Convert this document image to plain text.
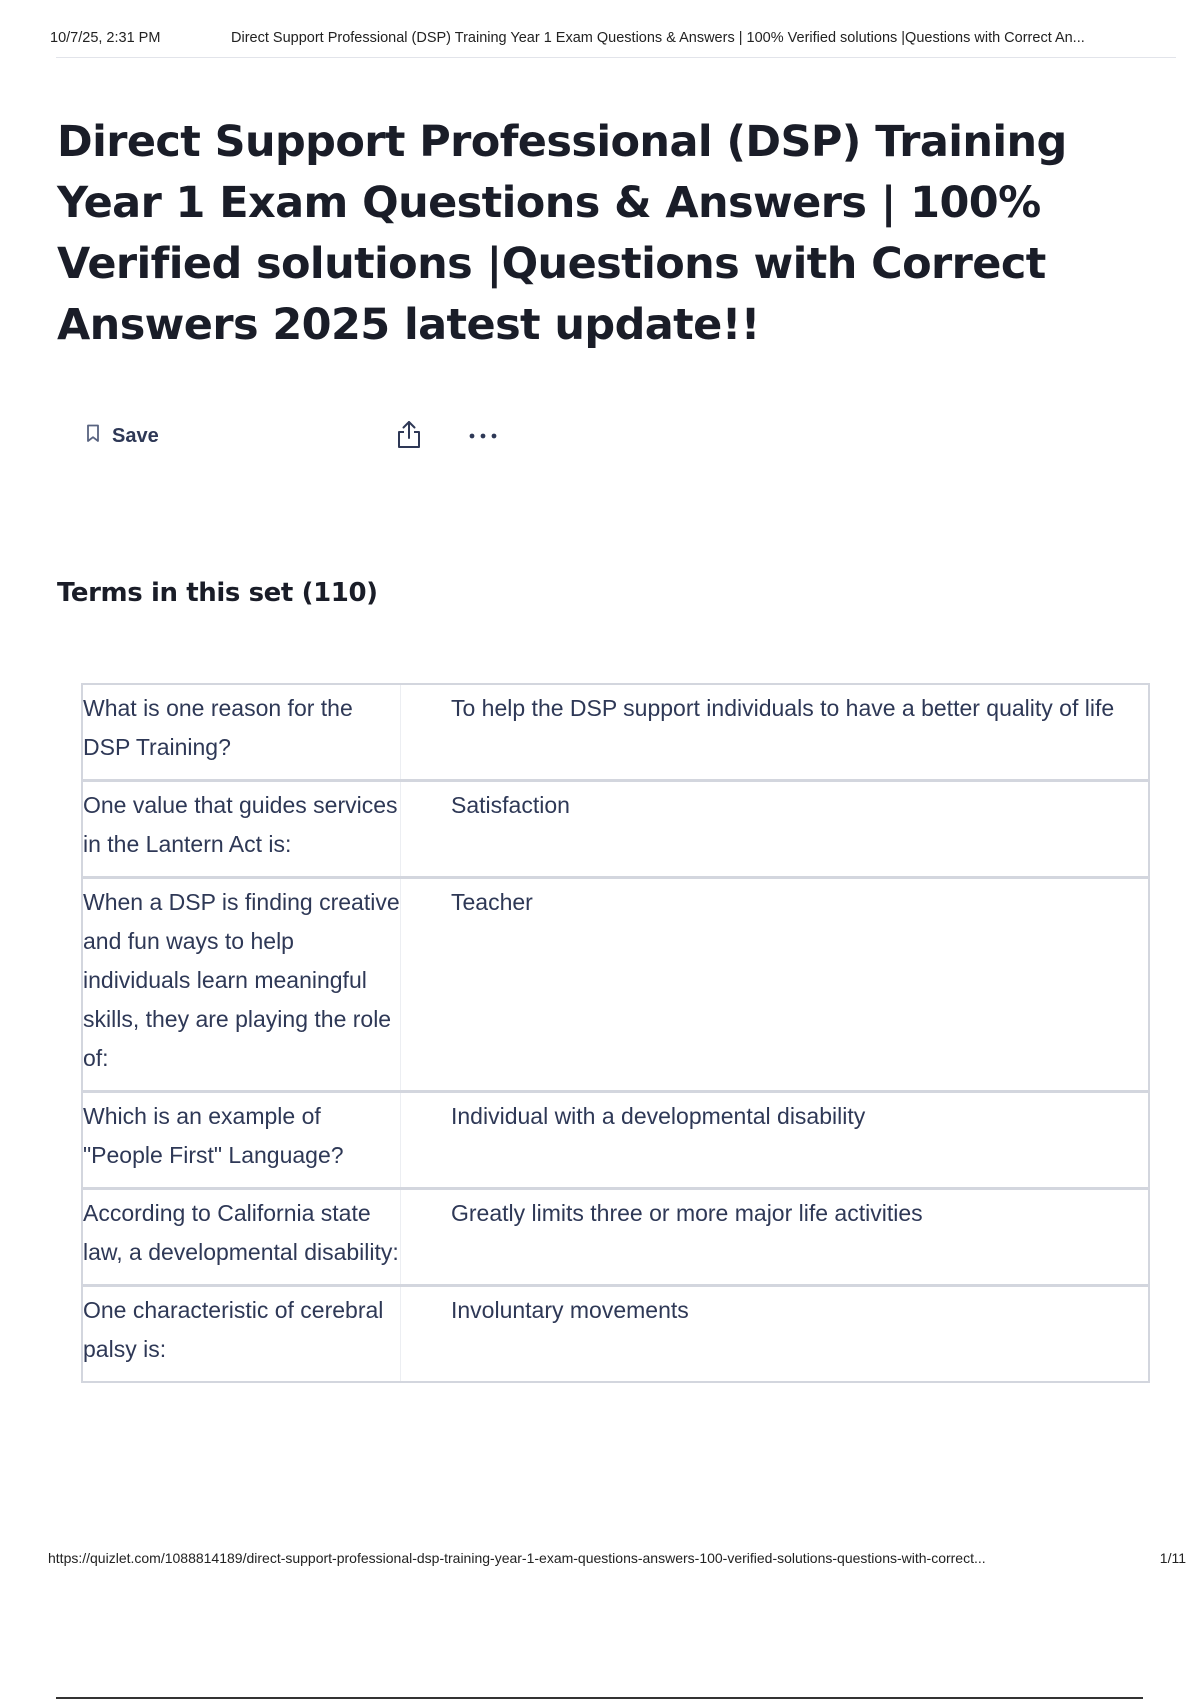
10/7/25, 2:31 PM	Direct Support Professional (DSP) Training Year 1 Exam Questions & Answers | 100% Verified solutions |Questions with Correct An...
Direct Support Professional (DSP) Training Year 1 Exam Questions & Answers | 100% Verified solutions |Questions with Correct Answers 2025 latest update!!
Save
Terms in this set (110)
What is one reason for the DSP Training?
To help the DSP support individuals to have a better quality of life
One value that guides services in the Lantern Act is:
Satisfaction
When a DSP is finding creative and fun ways to help individuals learn meaningful skills, they are playing the role of:
Teacher
Which is an example of "People First" Language?
Individual with a developmental disability
According to California state law, a developmental disability:
Greatly limits three or more major life activities
One characteristic of cerebral palsy is:
Involuntary movements
https://quizlet.com/1088814189/direct-support-professional-dsp-training-year-1-exam-questions-answers-100-verified-solutions-questions-with-correct...	1/11
